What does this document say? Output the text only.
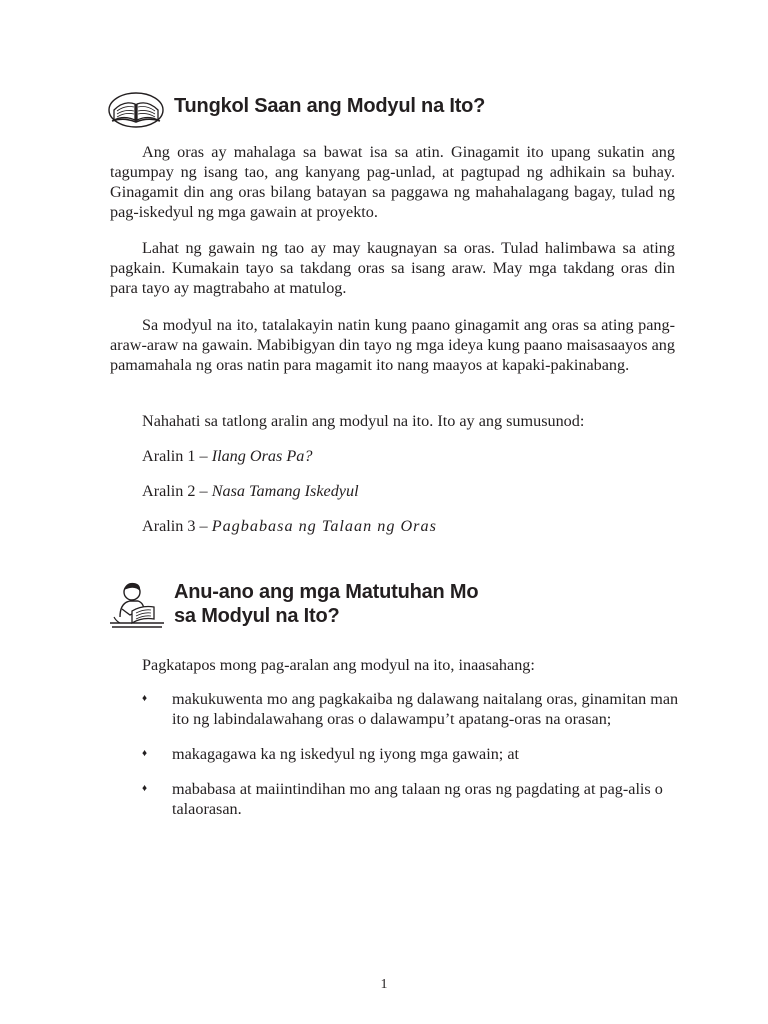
Tungkol Saan ang Modyul na Ito?

Ang oras ay mahalaga sa bawat isa sa atin. Ginagamit ito upang sukatin ang tagumpay ng isang tao, ang kanyang pag-unlad, at pagtupad ng adhikain sa buhay. Ginagamit din ang oras bilang batayan sa paggawa ng mahahalagang bagay, tulad ng pag-iskedyul ng mga gawain at proyekto.

Lahat ng gawain ng tao ay may kaugnayan sa oras. Tulad halimbawa sa ating pagkain. Kumakain tayo sa takdang oras sa isang araw. May mga takdang oras din para tayo ay magtrabaho at matulog.

Sa modyul na ito, tatalakayin natin kung paano ginagamit ang oras sa ating pang-araw-araw na gawain. Mabibigyan din tayo ng mga ideya kung paano maisasaayos ang pamamahala ng oras natin para magamit ito nang maayos at kapaki-pakinabang.

Nahahati sa tatlong aralin ang modyul na ito. Ito ay ang sumusunod:

Aralin 1 – Ilang Oras Pa?

Aralin 2 – Nasa Tamang Iskedyul

Aralin 3 – Pagbabasa ng Talaan ng Oras

Anu-ano ang mga Matutuhan Mo
sa Modyul na Ito?

Pagkatapos mong pag-aralan ang modyul na ito, inaasahang:

♦ makukuwenta mo ang pagkakaiba ng dalawang naitalang oras, ginamitan man ito ng labindalawahang oras o dalawampu’t apatang-oras na orasan;
♦ makagagawa ka ng iskedyul ng iyong mga gawain; at
♦ mababasa at maiintindihan mo ang talaan ng oras ng pagdating at pag-alis o talaorasan.
1
